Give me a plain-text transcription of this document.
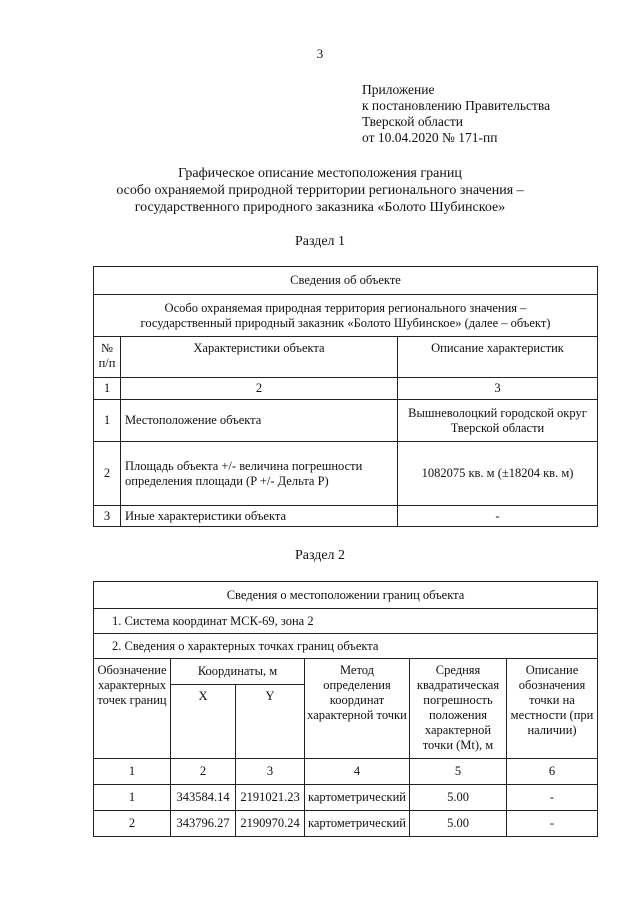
3
Приложение
к постановлению Правительства
Тверской области
от 10.04.2020 № 171-пп
Графическое описание местоположения границ
особо охраняемой природной территории регионального значения –
государственного природного заказника «Болото Шубинское»
Раздел 1
Сведения об объекте		

Особо охраняемая природная территория регионального значения –
государственный природный заказник «Болото Шубинское» (далее – объект)		

№ п/п	Характеристики объекта	Описание характеристик
1	2	3
1	Местоположение объекта	Вышневолоцкий городской округ Тверской области
2	Площадь объекта +/- величина погрешности определения площади (P +/- Дельта P)	1082075 кв. м (±18204 кв. м)
3	Иные характеристики объекта	-
Раздел 2
Сведения о местоположении границ объекта					
1. Система координат МСК-69, зона 2					
2. Сведения о характерных точках границ объекта					
Обозначение характерных точек границ	Координаты, м		Метод определения координат характерной точки	Средняя квадратическая погрешность положения характерной точки (Mt), м	Описание обозначения точки на местности (при наличии)
	X	Y			
1	2	3	4	5	6
1	343584.14	2191021.23	картометрический	5.00	-
2	343796.27	2190970.24	картометрический	5.00	-
